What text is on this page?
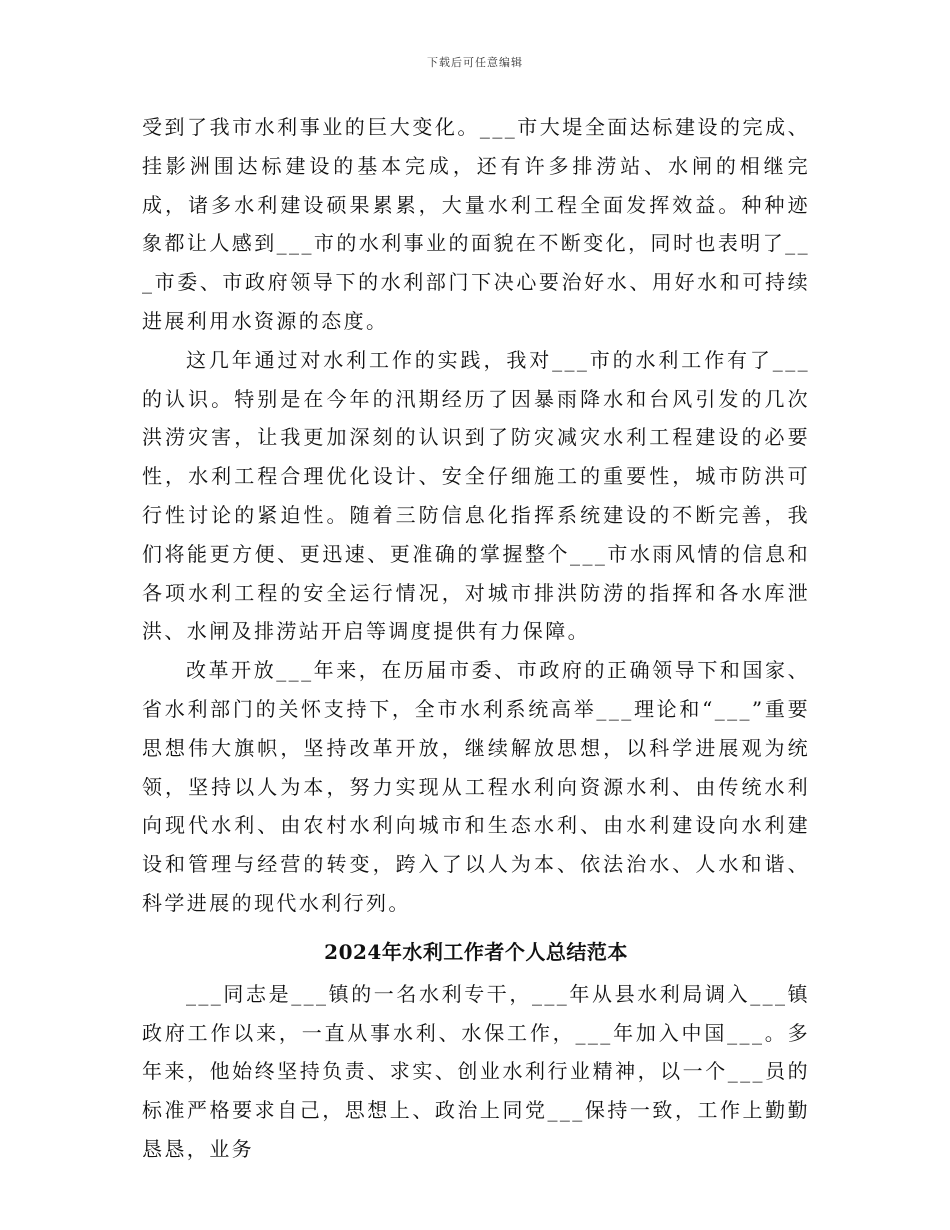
下载后可任意编辑

受到了我市水利事业的巨大变化。___市大堤全面达标建设的完成、挂影洲围达标建设的基本完成，还有许多排涝站、水闸的相继完成，诸多水利建设硕果累累，大量水利工程全面发挥效益。种种迹象都让人感到___市的水利事业的面貌在不断变化，同时也表明了___市委、市政府领导下的水利部门下决心要治好水、用好水和可持续进展利用水资源的态度。

这几年通过对水利工作的实践，我对___市的水利工作有了___的认识。特别是在今年的汛期经历了因暴雨降水和台风引发的几次洪涝灾害，让我更加深刻的认识到了防灾减灾水利工程建设的必要性，水利工程合理优化设计、安全仔细施工的重要性，城市防洪可行性讨论的紧迫性。随着三防信息化指挥系统建设的不断完善，我们将能更方便、更迅速、更准确的掌握整个___市水雨风情的信息和各项水利工程的安全运行情况，对城市排洪防涝的指挥和各水库泄洪、水闸及排涝站开启等调度提供有力保障。

改革开放___年来，在历届市委、市政府的正确领导下和国家、省水利部门的关怀支持下，全市水利系统高举___理论和“___”重要思想伟大旗帜，坚持改革开放，继续解放思想，以科学进展观为统领，坚持以人为本，努力实现从工程水利向资源水利、由传统水利向现代水利、由农村水利向城市和生态水利、由水利建设向水利建设和管理与经营的转变，跨入了以人为本、依法治水、人水和谐、科学进展的现代水利行列。

2024年水利工作者个人总结范本

___同志是___镇的一名水利专干，___年从县水利局调入___镇政府工作以来，一直从事水利、水保工作，___年加入中国___。多年来，他始终坚持负责、求实、创业水利行业精神，以一个___员的标准严格要求自己，思想上、政治上同党___保持一致，工作上勤勤恳恳，业务
